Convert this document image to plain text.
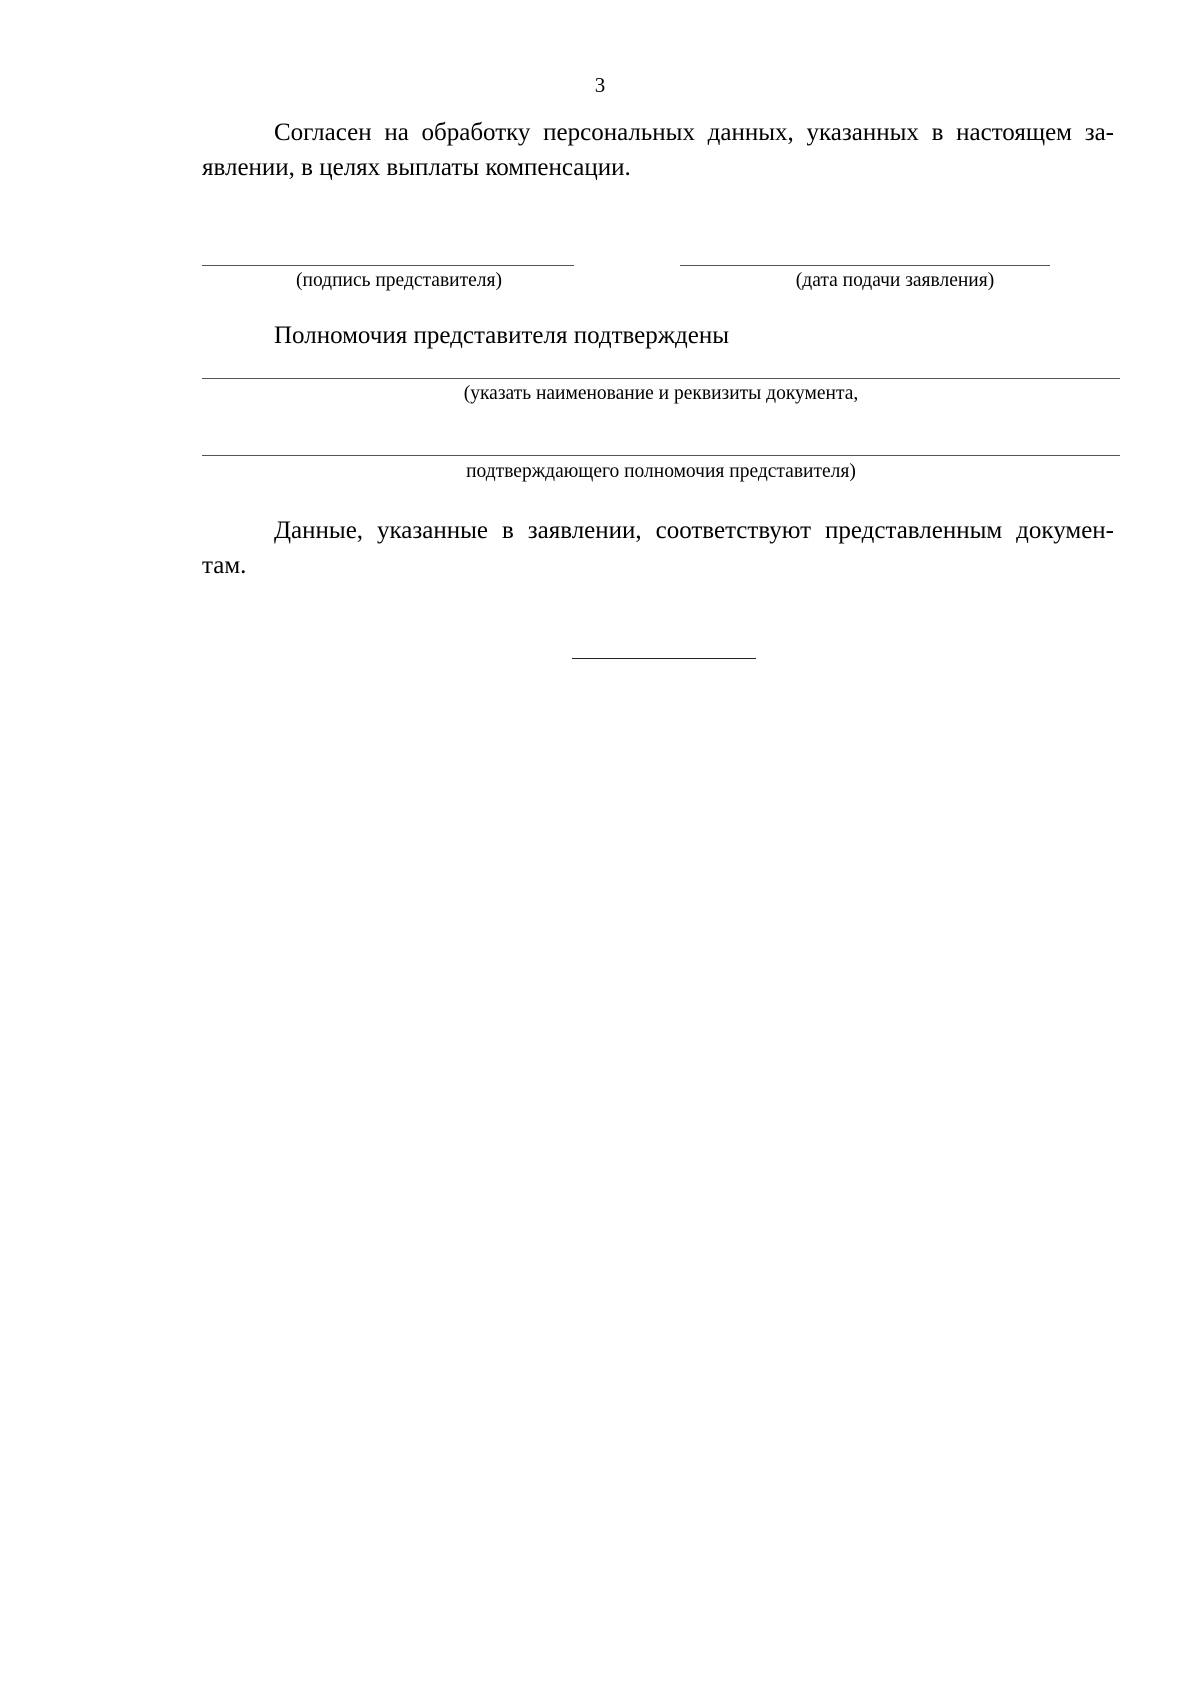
3

Согласен на обработку персональных данных, указанных в настоящем за-
явлении, в целях выплаты компенсации.

(подпись представителя)	(дата подачи заявления)
Полномочия представителя подтверждены
(указать наименование и реквизиты документа,
подтверждающего полномочия представителя)

Данные, указанные в заявлении, соответствуют представленным докумен-
там.
